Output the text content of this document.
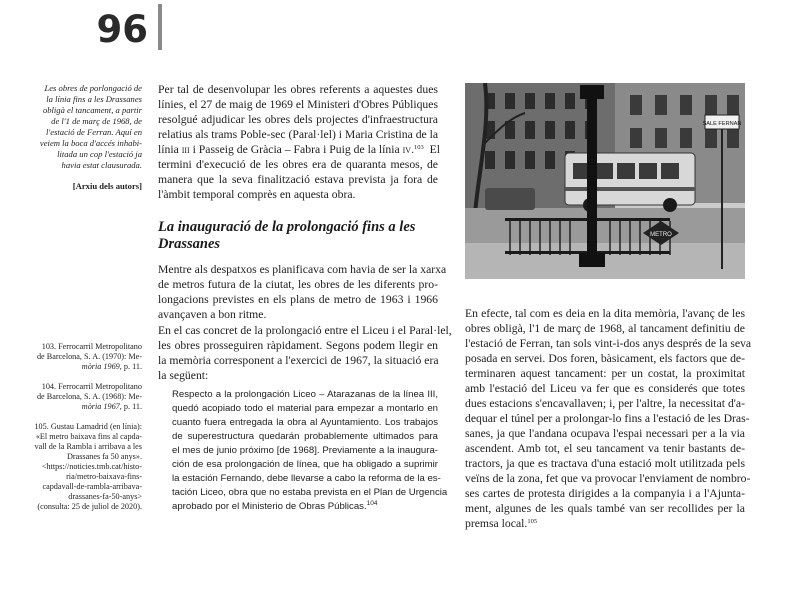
96
Les obres de porlongació de
la línia fins a les Drassanes
obligà el tancament, a partir
de l'1 de març de 1968, de
l'estació de Ferran. Aquí en
veiem la boca d'accés inhabi-
litada un cop l'estació ja
havia estat clausurada.
[Arxiu dels autors]
103. Ferrocarril Metropolitano
de Barcelona, S. A. (1970): Me-
mòria 1969, p. 11.
104. Ferrocarril Metropolitano
de Barcelona, S. A. (1968): Me-
mòria 1967, p. 11.
105. Gustau Lamadrid (en línia):
«El metro baixava fins al capda-
vall de la Rambla i arribava a les
Drassanes fa 50 anys».
<https://noticies.tmb.cat/histo-
ria/metro-baixava-fins-
capdavall-de-rambla-arribava-
drassanes-fa-50-anys>
(consulta: 25 de juliol de 2020).
Per tal de desenvolupar les obres referents a aquestes dues
línies, el 27 de maig de 1969 el Ministeri d'Obres Públiques
resolgué adjudicar les obres dels projectes d'infraestructura
relatius als trams Poble-sec (Paral·lel) i Maria Cristina de la
línia iii i Passeig de Gràcia – Fabra i Puig de la línia iv.$^{103}$  El
termini d'execució de les obres era de quaranta mesos, de
manera que la seva finalització estava prevista ja fora de
l'àmbit temporal comprès en aquesta obra.
La inauguració de la prolongació fins a les
Drassanes
Mentre als despatxos es planificava com havia de ser la xarxa
de metros futura de la ciutat, les obres de les diferents pro-
longacions previstes en els plans de metro de 1963 i 1966
avançaven a bon ritme.
En el cas concret de la prolongació entre el Liceu i el Paral·lel,
les obres prosseguiren ràpidament. Segons podem llegir en
la memòria corresponent a l'exercici de 1967, la situació era
la següent:
Respecto a la prolongación Liceo – Atarazanas de la línea III,
quedó acopiado todo el material para empezar a montarlo en
cuanto fuera entregada la obra al Ayuntamiento. Los trabajos
de superestructura quedarán probablemente ultimados para
el mes de junio próximo [de 1968]. Previamente a la inaugura-
ción de esa prolongación de línea, que ha obligado a suprimir
la estación Fernando, debe llevarse a cabo la reforma de la es-
tación Liceo, obra que no estaba prevista en el Plan de Urgencia
aprobado por el Ministerio de Obras Públicas.$^{104}$
METRO
SALE FERNAN
En efecte, tal com es deia en la dita memòria, l'avanç de les
obres obligà, l'1 de març de 1968, al tancament definitiu de
l'estació de Ferran, tan sols vint-i-dos anys després de la seva
posada en servei. Dos foren, bàsicament, els factors que de-
terminaren aquest tancament: per un costat, la proximitat
amb l'estació del Liceu va fer que es considerés que totes
dues estacions s'encavallaven; i, per l'altre, la necessitat d'a-
dequar el túnel per a prolongar-lo fins a l'estació de les Dras-
sanes, ja que l'andana ocupava l'espai necessari per a la via
ascendent. Amb tot, el seu tancament va tenir bastants de-
tractors, ja que es tractava d'una estació molt utilitzada pels
veïns de la zona, fet que va provocar l'enviament de nombro-
ses cartes de protesta dirigides a la companyia i a l'Ajunta-
ment, algunes de les quals també van ser recollides per la
premsa local.$^{105}$
